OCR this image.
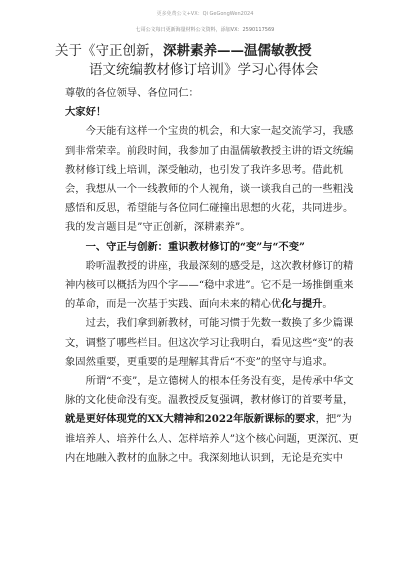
更多免费公文+VX：Qi GeGongWen2024
七哥公文每日更新海量材料公文资料，添加VX：2590117569
关于《守正创新，深耕素养——温儒敏教授
语文统编教材修订培训》学习心得体会

尊敬的各位领导、各位同仁：

大家好！

今天能有这样一个宝贵的机会，和大家一起交流学习，我感到非常荣幸。前段时间，我参加了由温儒敏教授主讲的语文统编教材修订线上培训，深受触动，也引发了我许多思考。借此机会，我想从一个一线教师的个人视角，谈一谈我自己的一些粗浅感悟和反思，希望能与各位同仁碰撞出思想的火花，共同进步。我的发言题目是”守正创新，深耕素养”。

一、守正与创新：重识教材修订的“变”与“不变”

聆听温教授的讲座，我最深刻的感受是，这次教材修订的精神内核可以概括为四个字——“稳中求进”。它不是一场推倒重来的革命，而是一次基于实践、面向未来的精心优化与提升。

过去，我们拿到新教材，可能习惯于先数一数换了多少篇课文，调整了哪些栏目。但这次学习让我明白，看见这些“变”的表象固然重要，更重要的是理解其背后“不变”的坚守与追求。

所谓“不变”，是立德树人的根本任务没有变，是传承中华文脉的文化使命没有变。温教授反复强调，教材修订的首要考量，就是更好体现党的XX大精神和2022年版新课标的要求，把”为谁培养人、培养什么人、怎样培养人”这个核心问题，更深沉、更内在地融入教材的血脉之中。我深刻地认识到，无论是充实中
